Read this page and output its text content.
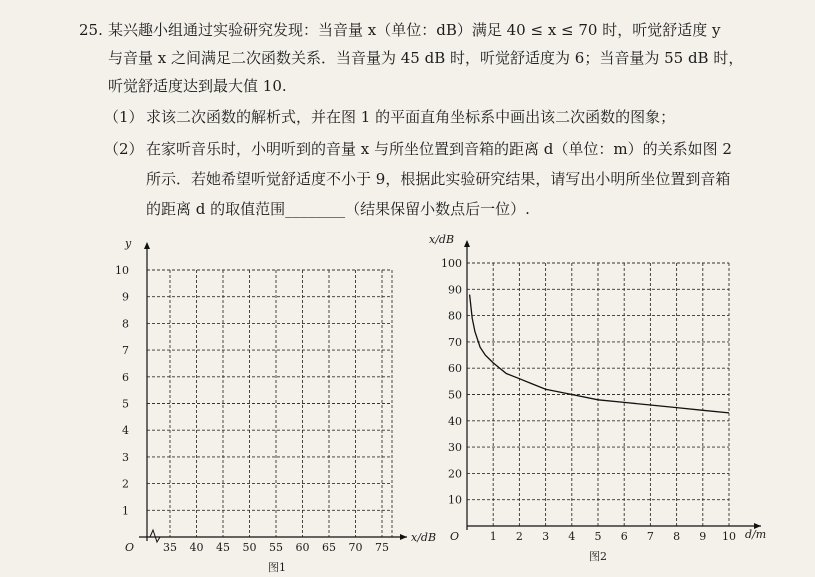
25. 某兴趣小组通过实验研究发现：当音量 x（单位：dB）满足 40 ≤ x ≤ 70 时，听觉舒适度 y
与音量 x 之间满足二次函数关系．当音量为 45 dB 时，听觉舒适度为 6；当音量为 55 dB 时，
听觉舒适度达到最大值 10.
（1） 求该二次函数的解析式，并在图 1 的平面直角坐标系中画出该二次函数的图象；
（2） 在家听音乐时，小明听到的音量 x 与所坐位置到音箱的距离 d（单位：m）的关系如图 2
所示．若她希望听觉舒适度不小于 9，根据此实验研究结果，请写出小明所坐位置到音箱
的距离 d 的取值范围________（结果保留小数点后一位）.
35 40 45 50 55 60 65 70 75
1
2
3
4
5
6
7
8
9
10
O
x/dB
y
图1
1 2 3 4 5 6 7 8 9 10
10
20
30
40
50
60
70
80
90
100
O	d/m
x/dB
图2
